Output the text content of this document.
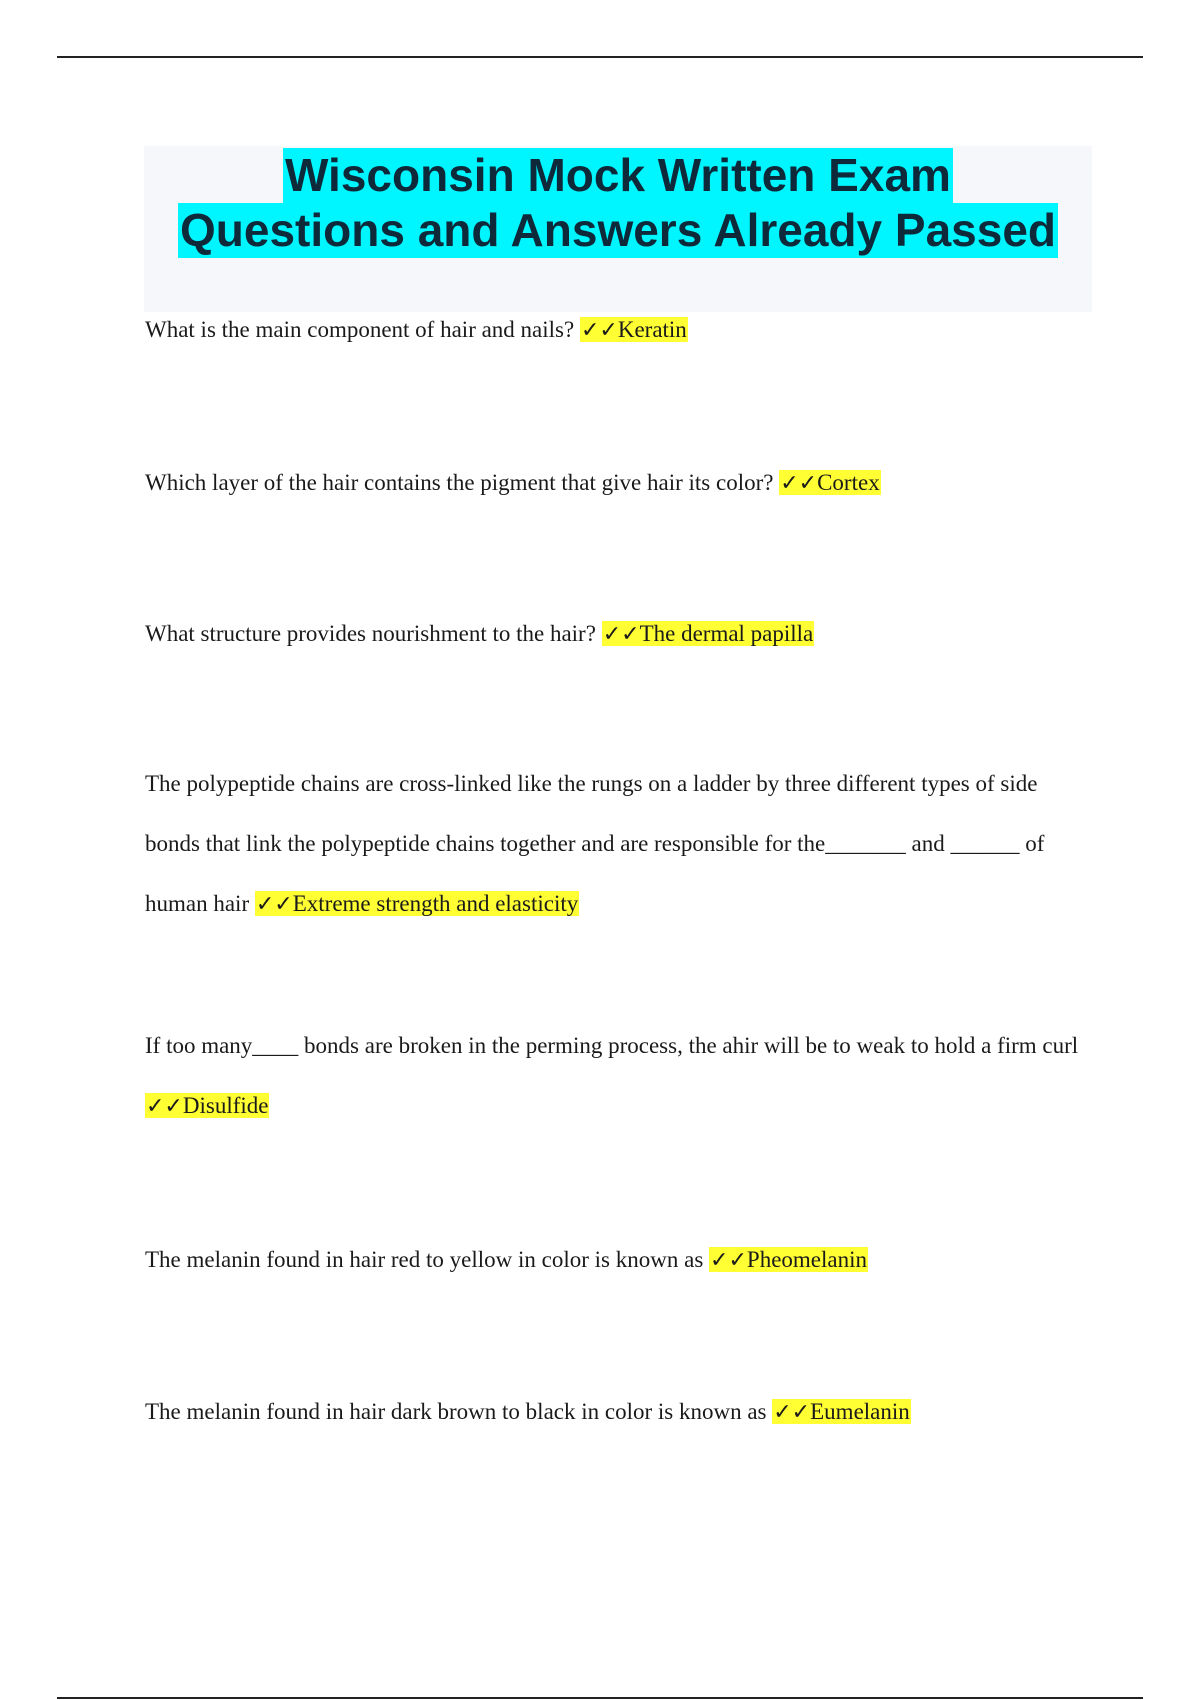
Wisconsin Mock Written Exam
Questions and Answers Already Passed
What is the main component of hair and nails? ✓✓Keratin
Which layer of the hair contains the pigment that give hair its color? ✓✓Cortex
What structure provides nourishment to the hair? ✓✓The dermal papilla
The polypeptide chains are cross-linked like the rungs on a ladder by three different types of side bonds that link the polypeptide chains together and are responsible for the_______ and ______ of human hair ✓✓Extreme strength and elasticity
If too many____ bonds are broken in the perming process, the ahir will be to weak to hold a firm curl ✓✓Disulfide
The melanin found in hair red to yellow in color is known as ✓✓Pheomelanin
The melanin found in hair dark brown to black in color is known as ✓✓Eumelanin
